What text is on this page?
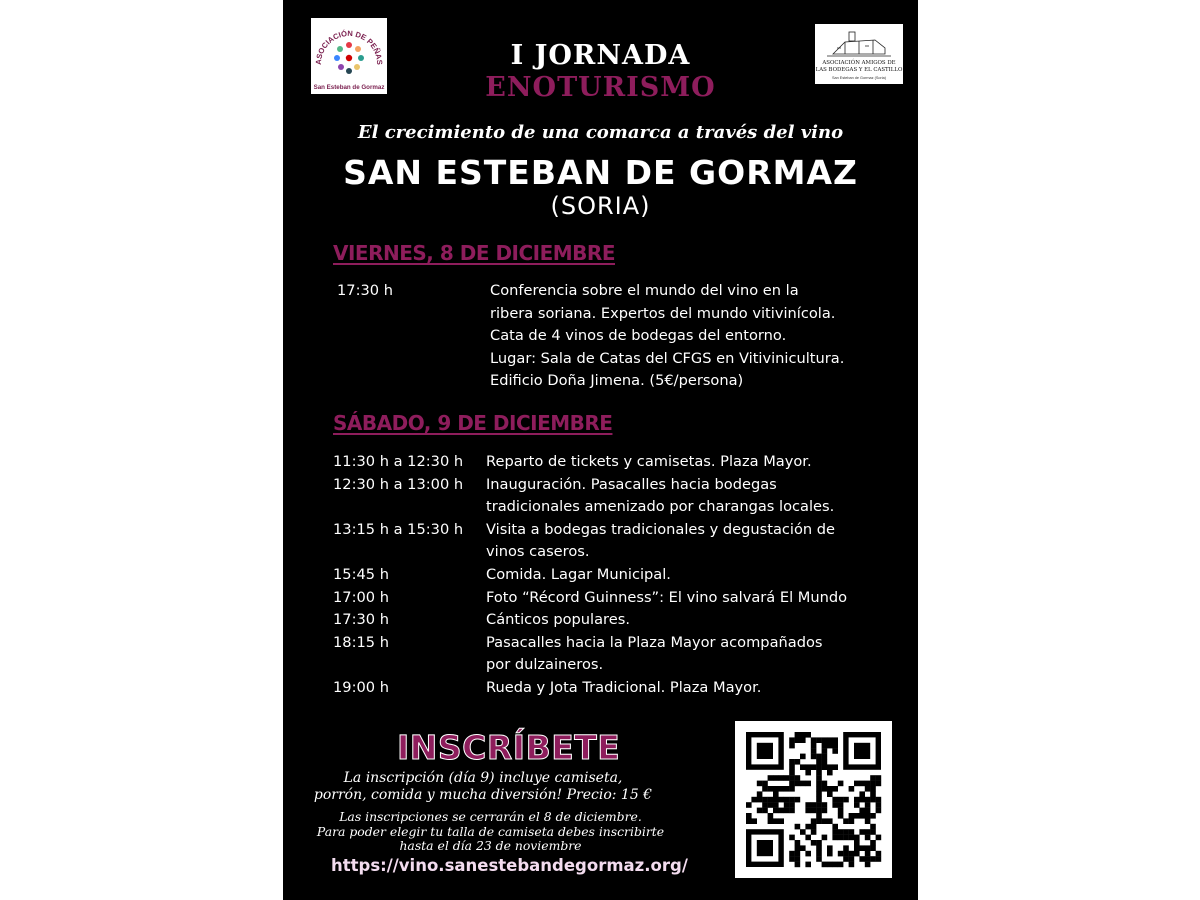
ASOCIACIÓN DE PEÑAS
San Esteban de Gormaz
ASOCIACIÓN AMIGOS DE
LAS BODEGAS Y EL CASTILLO
San Esteban de Gormaz (Soria)
I JORNADA
ENOTURISMO
El crecimiento de una comarca a través del vino
SAN ESTEBAN DE GORMAZ
(SORIA)
VIERNES, 8 DE DICIEMBRE
17:30 h	Conferencia sobre el mundo del vino en la
ribera soriana. Expertos del mundo vitivinícola.
Cata de 4 vinos de bodegas del entorno.
Lugar: Sala de Catas del CFGS en Vitivinicultura.
Edificio Doña Jimena. (5€/persona)
SÁBADO, 9 DE DICIEMBRE
11:30 h a 12:30 h	Reparto de tickets y camisetas. Plaza Mayor.
12:30 h a 13:00 h	Inauguración. Pasacalles hacia bodegas
tradicionales amenizado por charangas locales.
13:15 h a 15:30 h	Visita a bodegas tradicionales y degustación de
vinos caseros.
15:45 h	Comida. Lagar Municipal.
17:00 h	Foto “Récord Guinness”: El vino salvará El Mundo
17:30 h	Cánticos populares.
18:15 h	Pasacalles hacia la Plaza Mayor acompañados
por dulzaineros.
19:00 h	Rueda y Jota Tradicional. Plaza Mayor.
INSCRÍBETE
La inscripción (día 9) incluye camiseta,
porrón, comida y mucha diversión! Precio: 15 €
Las inscripciones se cerrarán el 8 de diciembre.
Para poder elegir tu talla de camiseta debes inscribirte
hasta el día 23 de noviembre
https://vino.sanestebandegormaz.org/
